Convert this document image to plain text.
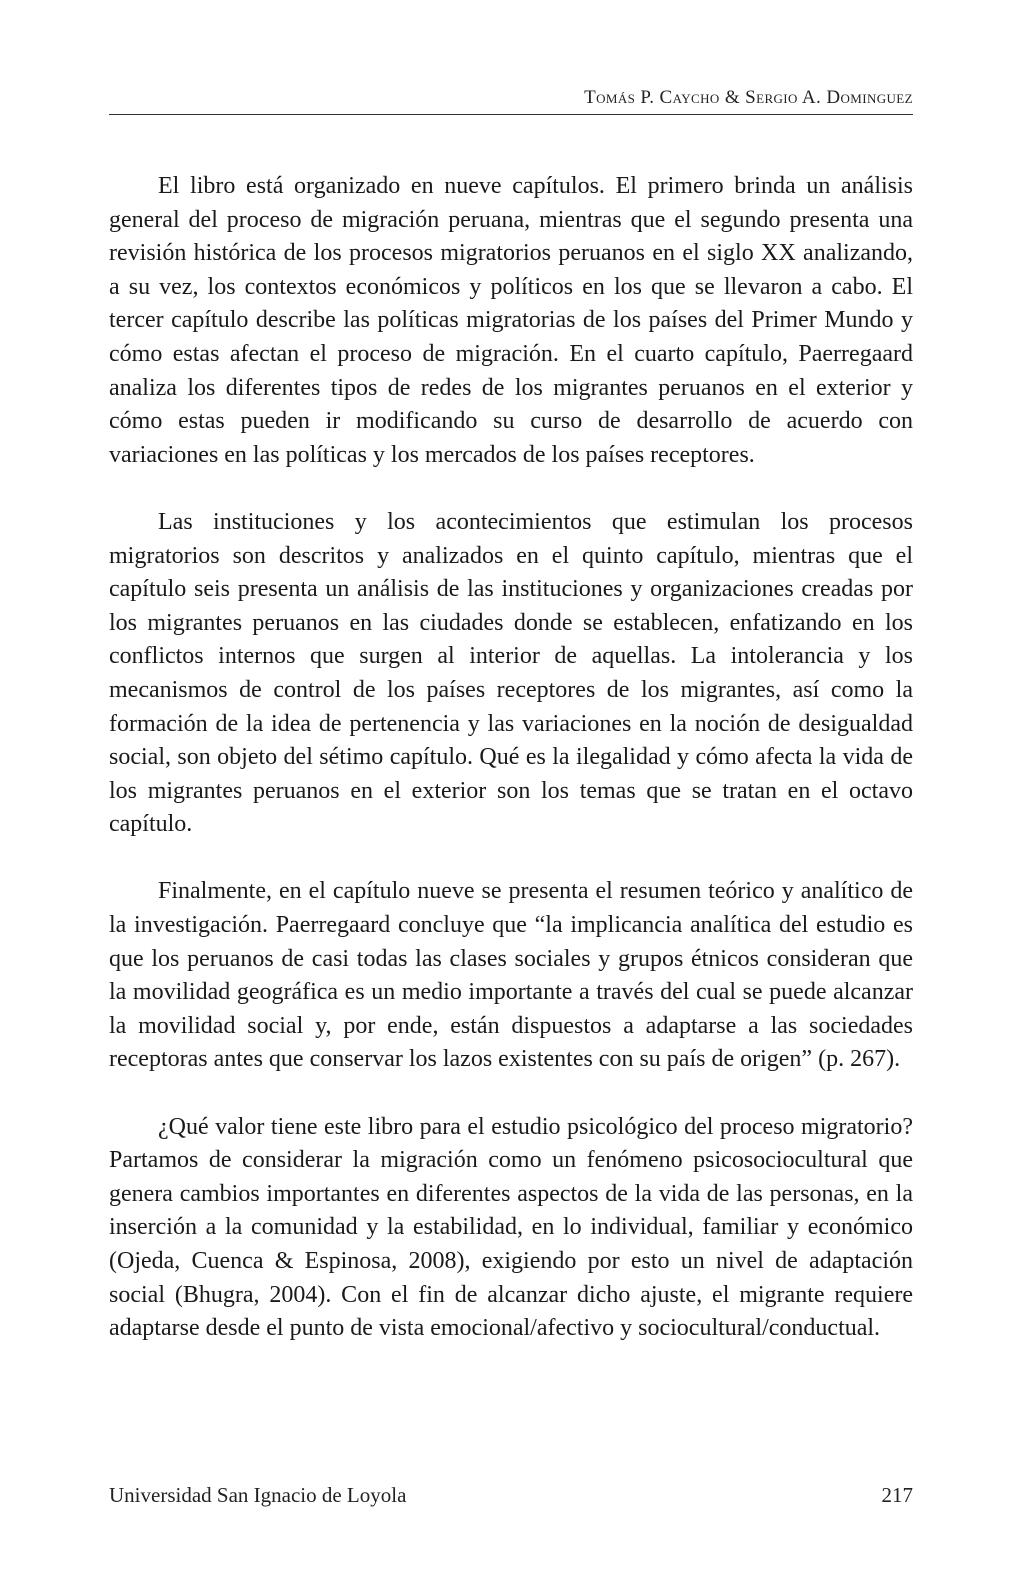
Tomás P. Caycho & Sergio A. Dominguez

El libro está organizado en nueve capítulos. El primero brinda un análisis general del proceso de migración peruana, mientras que el segundo presenta una revisión histórica de los procesos migratorios peruanos en el siglo XX analizando, a su vez, los contextos económicos y políticos en los que se llevaron a cabo. El tercer capítulo describe las políticas migratorias de los países del Primer Mundo y cómo estas afectan el proceso de migración. En el cuarto capítulo, Paerregaard analiza los diferentes tipos de redes de los migrantes peruanos en el exterior y cómo estas pueden ir modificando su curso de desarrollo de acuerdo con variaciones en las políticas y los mercados de los países receptores.

Las instituciones y los acontecimientos que estimulan los procesos migratorios son descritos y analizados en el quinto capítulo, mientras que el capítulo seis presenta un análisis de las instituciones y organizaciones creadas por los migrantes peruanos en las ciudades donde se establecen, enfatizando en los conflictos internos que surgen al interior de aquellas. La intolerancia y los mecanismos de control de los países receptores de los migrantes, así como la formación de la idea de pertenencia y las variaciones en la noción de desigualdad social, son objeto del sétimo capítulo. Qué es la ilegalidad y cómo afecta la vida de los migrantes peruanos en el exterior son los temas que se tratan en el octavo capítulo.

Finalmente, en el capítulo nueve se presenta el resumen teórico y analítico de la investigación. Paerregaard concluye que “la implicancia analítica del estudio es que los peruanos de casi todas las clases sociales y grupos étnicos consideran que la movilidad geográfica es un medio importante a través del cual se puede alcanzar la movilidad social y, por ende, están dispuestos a adaptarse a las sociedades receptoras antes que conservar los lazos existentes con su país de origen” (p. 267).

¿Qué valor tiene este libro para el estudio psicológico del proceso migratorio? Partamos de considerar la migración como un fenómeno psicosociocultural que genera cambios importantes en diferentes aspectos de la vida de las personas, en la inserción a la comunidad y la estabilidad, en lo individual, familiar y económico (Ojeda, Cuenca & Espinosa, 2008), exigiendo por esto un nivel de adaptación social (Bhugra, 2004). Con el fin de alcanzar dicho ajuste, el migrante requiere adaptarse desde el punto de vista emocional/afectivo y sociocultural/conductual.

Universidad San Ignacio de Loyola	217
